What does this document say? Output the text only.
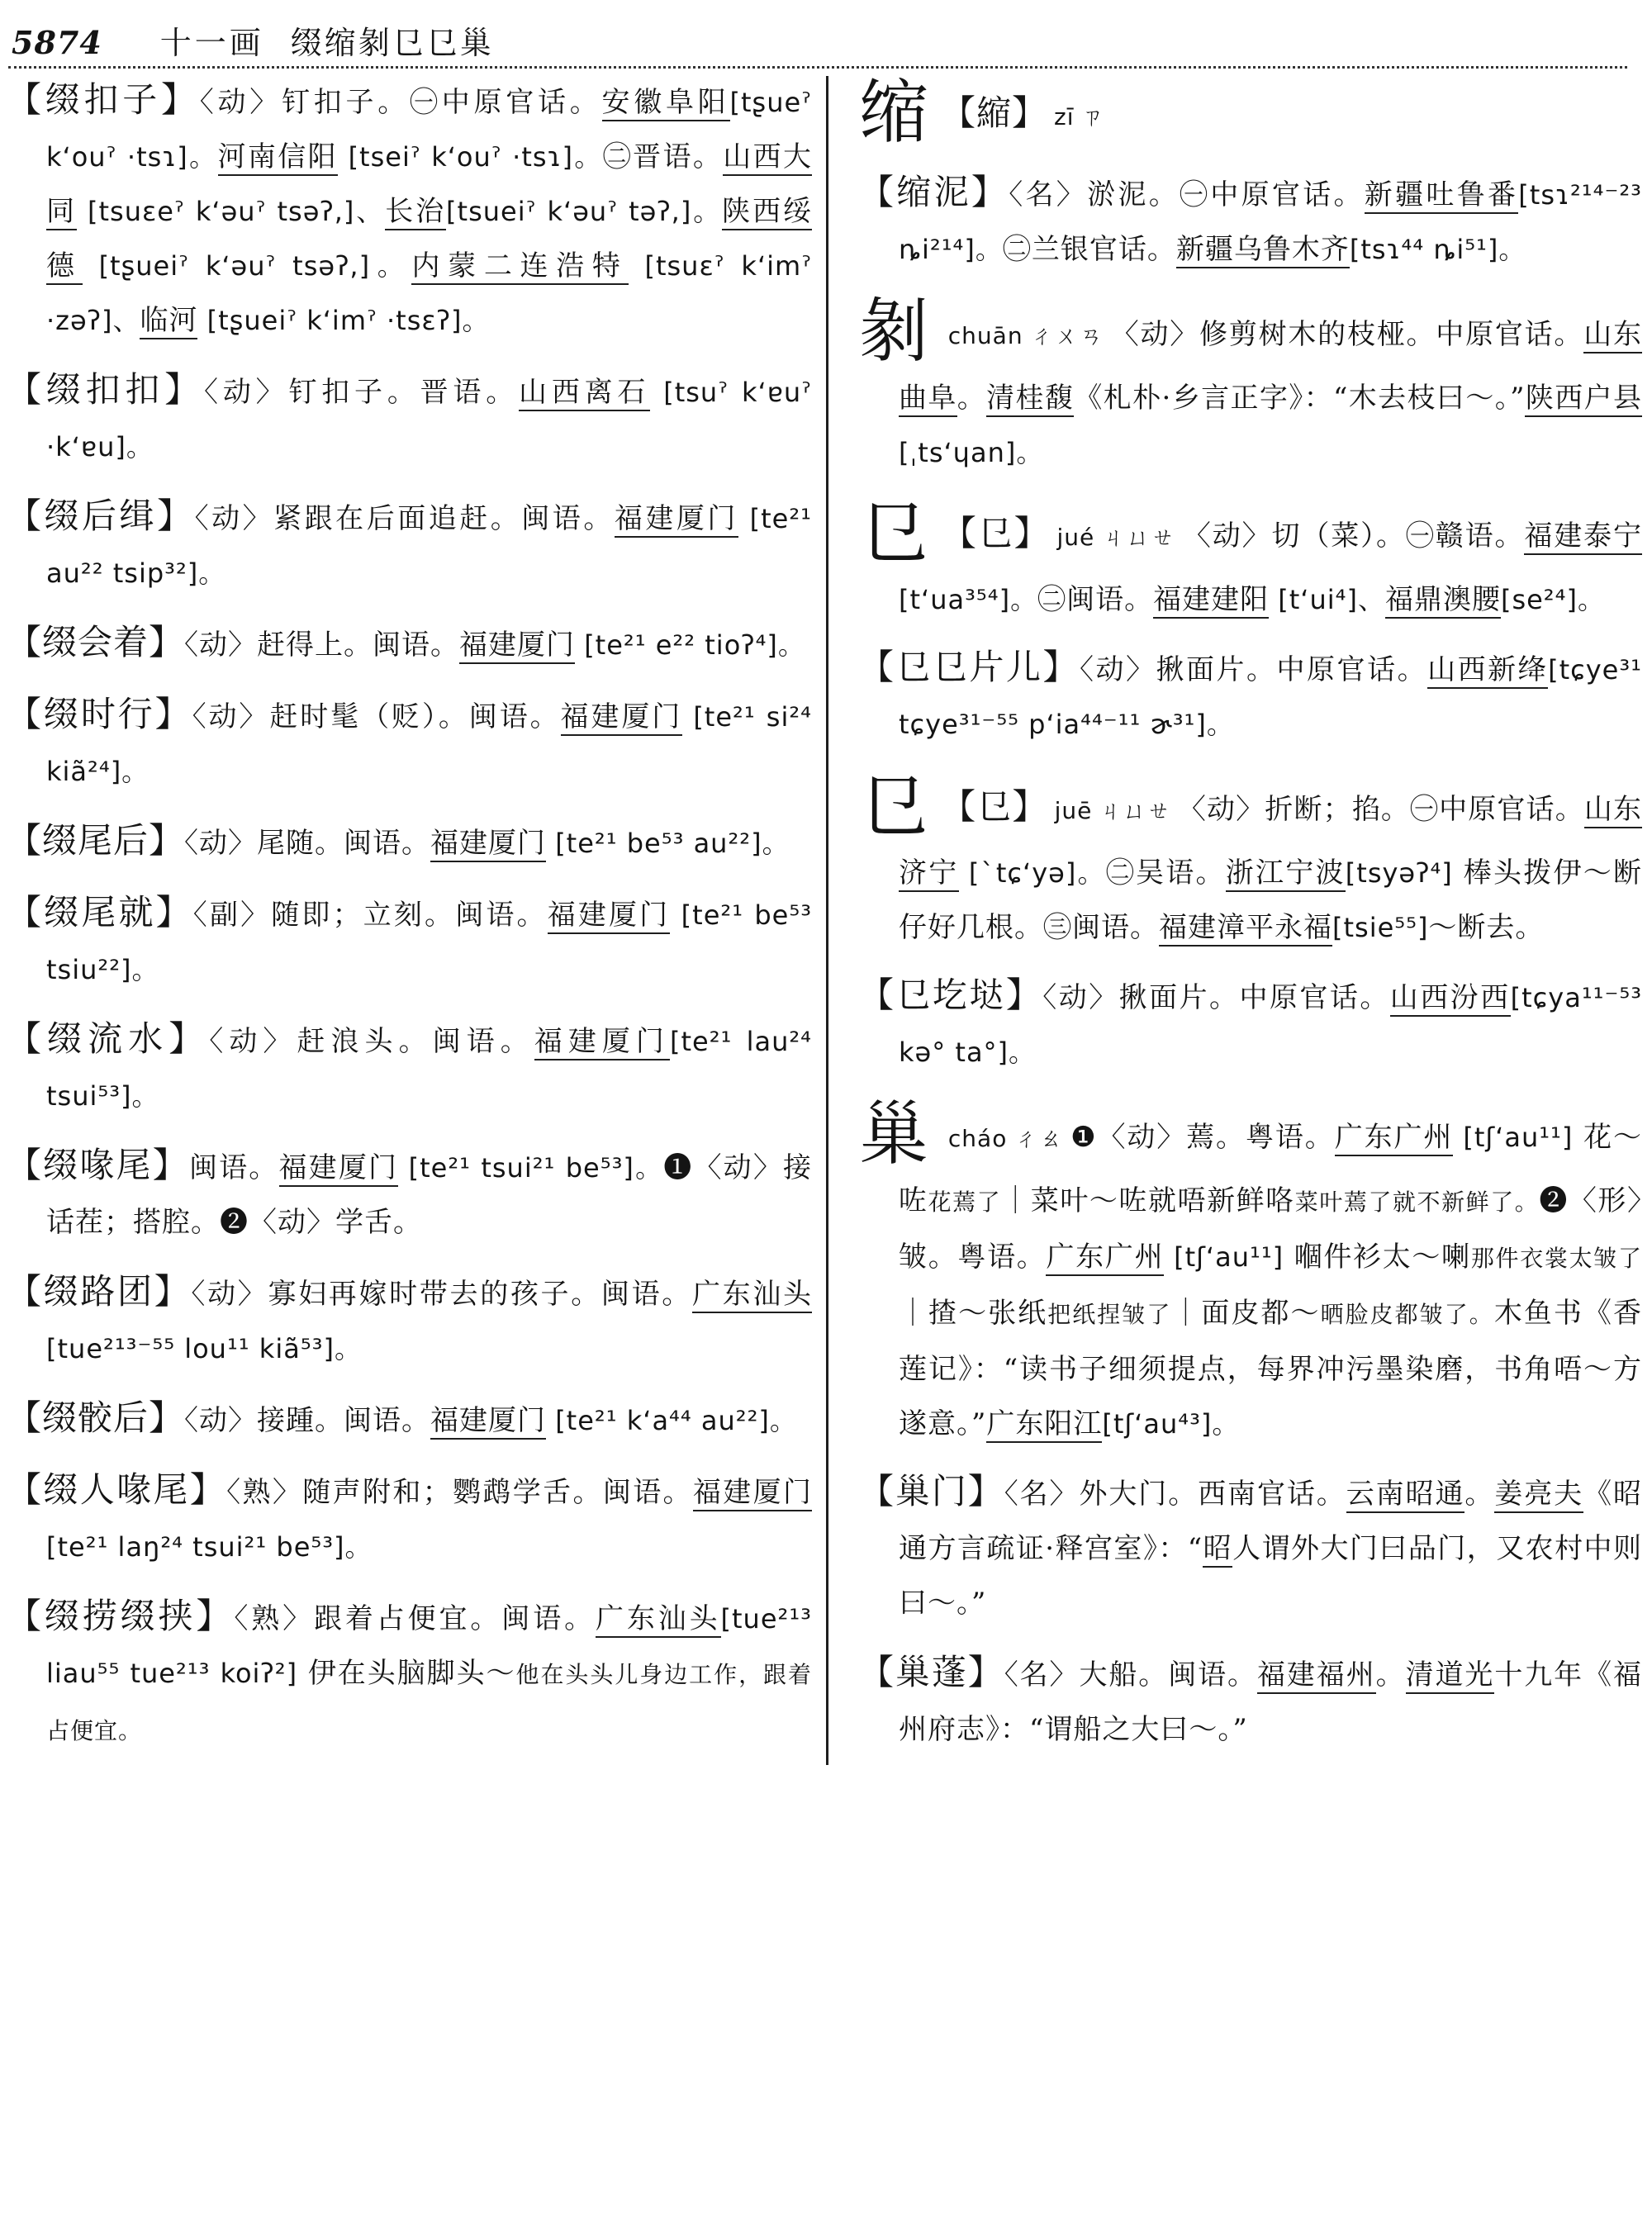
5874 十一画 缀缩剶㔾㔾巢

【缀扣子】〈动〉钉扣子。㊀中原官话。安徽阜阳[tʂueˀ k‘ouˀ ·tsɿ]。河南信阳 [tseiˀ k‘ouˀ ·tsɿ]。㊁晋语。山西大同 [tsuɛeˀ k‘əuˀ tsəʔ,]、长治[tsueiˀ k‘əuˀ təʔ,]。陕西绥德 [tʂueiˀ k‘əuˀ tsəʔ,]。内蒙二连浩特 [tsuɛˀ k‘imˀ ·zəʔ]、临河 [tʂueiˀ k‘imˀ ·tsɛʔ]。

【缀扣扣】〈动〉钉扣子。晋语。山西离石 [tsuˀ k‘ɐuˀ ·k‘ɐu]。

【缀后缉】〈动〉紧跟在后面追赶。闽语。福建厦门 [te²¹ au²² tsip³²]。

【缀会着】〈动〉赶得上。闽语。福建厦门 [te²¹ e²² tioʔ⁴]。

【缀时行】〈动〉赶时髦（贬）。闽语。福建厦门 [te²¹ si²⁴ kiã²⁴]。

【缀尾后】〈动〉尾随。闽语。福建厦门 [te²¹ be⁵³ au²²]。

【缀尾就】〈副〉随即；立刻。闽语。福建厦门 [te²¹ be⁵³ tsiu²²]。

【缀流水】〈动〉赶浪头。闽语。福建厦门[te²¹ lau²⁴ tsui⁵³]。

【缀喙尾】闽语。福建厦门 [te²¹ tsui²¹ be⁵³]。❶〈动〉接话茬；搭腔。❷〈动〉学舌。

【缀路团】〈动〉寡妇再嫁时带去的孩子。闽语。广东汕头 [tue²¹³⁻⁵⁵ lou¹¹ kiã⁵³]。

【缀骹后】〈动〉接踵。闽语。福建厦门 [te²¹ k‘a⁴⁴ au²²]。

【缀人喙尾】〈熟〉随声附和；鹦鹉学舌。闽语。福建厦门 [te²¹ laŋ²⁴ tsui²¹ be⁵³]。

【缀捞缀挟】〈熟〉跟着占便宜。闽语。广东汕头[tue²¹³ liau⁵⁵ tue²¹³ koiʔ²] 伊在头脑脚头～他在头头儿身边工作，跟着占便宜。

缩 【縮】 zī ㄗ

【缩泥】〈名〉淤泥。㊀中原官话。新疆吐鲁番[tsɿ²¹⁴⁻²³ ȵi²¹⁴]。㊁兰银官话。新疆乌鲁木齐[tsɿ⁴⁴ ȵi⁵¹]。

剶chuān ㄔㄨㄢ 〈动〉修剪树木的枝桠。中原官话。山东曲阜。清桂馥《札朴·乡言正字》：“木去枝曰～。”陕西户县 [ˌts‘ɥan]。

㔾 【㔾】 jué ㄐㄩㄝ 〈动〉切（菜）。㊀赣语。福建泰宁[t‘ua³⁵⁴]。㊁闽语。福建建阳 [t‘ui⁴]、福鼎澳腰[se²⁴]。

【㔾㔾片儿】〈动〉揪面片。中原官话。山西新绛[tɕye³¹ tɕye³¹⁻⁵⁵ p‘ia⁴⁴⁻¹¹ ɚ³¹]。

㔾 【㔾】 juē ㄐㄩㄝ 〈动〉折断；掐。㊀中原官话。山东济宁 [ˋtɕ‘yə]。㊁吴语。浙江宁波[tsyəʔ⁴] 棒头拨伊～断仔好几根。㊂闽语。福建漳平永福[tsie⁵⁵]～断去。

【㔾圪垯】〈动〉揪面片。中原官话。山西汾西[tɕya¹¹⁻⁵³ kə° ta°]。

巢cháo ㄔㄠ ❶〈动〉蔫。粤语。广东广州 [tʃ‘au¹¹] 花～咗花蔫了｜菜叶～咗就唔新鲜咯菜叶蔫了就不新鲜了。❷〈形〉皱。粤语。广东广州 [tʃ‘au¹¹] 嗰件衫太～喇那件衣裳太皱了｜揸～张纸把纸捏皱了｜面皮都～晒脸皮都皱了。木鱼书《香莲记》：“读书子细须提点，每界冲污墨染磨，书角唔～方遂意。”广东阳江[tʃ‘au⁴³]。

【巢门】〈名〉外大门。西南官话。云南昭通。姜亮夫《昭通方言疏证·释宫室》：“昭人谓外大门曰品门，又农村中则曰～。”

【巢蓬】〈名〉大船。闽语。福建福州。清道光十九年《福州府志》：“谓船之大曰～。”
